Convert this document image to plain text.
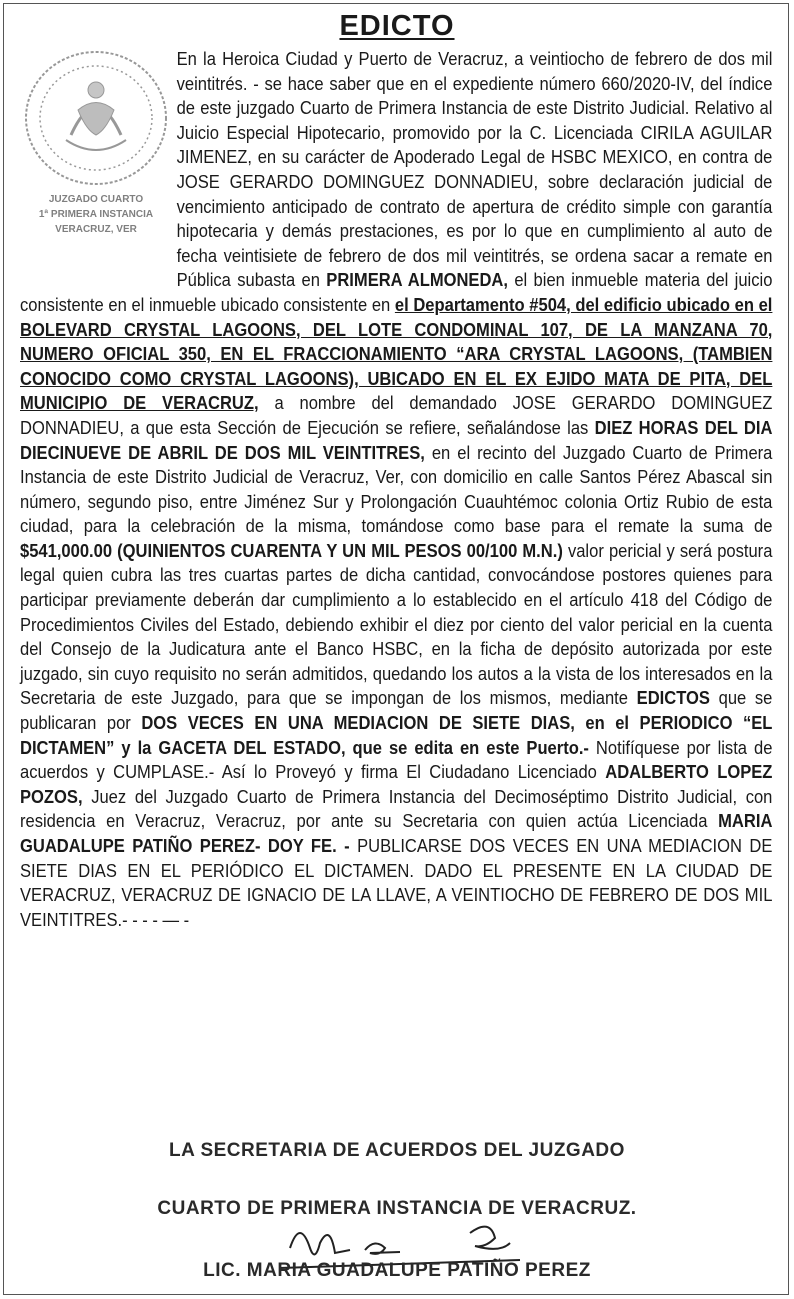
EDICTO
JUZGADO CUARTO
1ª PRIMERA INSTANCIA
VERACRUZ, VER
En la Heroica Ciudad y Puerto de Veracruz, a veintiocho de febrero de dos mil veintitrés. - se hace saber que en el expediente número 660/2020-IV, del índice de este juzgado Cuarto de Primera Instancia de este Distrito Judicial. Relativo al Juicio Especial Hipotecario, promovido por la C. Licenciada CIRILA AGUILAR JIMENEZ, en su carácter de Apoderado Legal de HSBC MEXICO, en contra de JOSE GERARDO DOMINGUEZ DONNADIEU, sobre declaración judicial de vencimiento anticipado de contrato de apertura de crédito simple con garantía hipotecaria y demás prestaciones, es por lo que en cumplimiento al auto de fecha veintisiete de febrero de dos mil veintitrés, se ordena sacar a remate en Pública subasta en PRIMERA ALMONEDA, el bien inmueble materia del juicio consistente en el inmueble ubicado consistente en el Departamento #504, del edificio ubicado en el BOLEVARD CRYSTAL LAGOONS, DEL LOTE CONDOMINAL 107, DE LA MANZANA 70, NUMERO OFICIAL 350, EN EL FRACCIONAMIENTO “ARA CRYSTAL LAGOONS, (TAMBIEN CONOCIDO COMO CRYSTAL LAGOONS), UBICADO EN EL EX EJIDO MATA DE PITA, DEL MUNICIPIO DE VERACRUZ, a nombre del demandado JOSE GERARDO DOMINGUEZ DONNADIEU, a que esta Sección de Ejecución se refiere, señalándose las DIEZ HORAS DEL DIA DIECINUEVE DE ABRIL DE DOS MIL VEINTITRES, en el recinto del Juzgado Cuarto de Primera Instancia de este Distrito Judicial de Veracruz, Ver, con domicilio en calle Santos Pérez Abascal sin número, segundo piso, entre Jiménez Sur y Prolongación Cuauhtémoc colonia Ortiz Rubio de esta ciudad, para la celebración de la misma, tomándose como base para el remate la suma de $541,000.00 (QUINIENTOS CUARENTA Y UN MIL PESOS 00/100 M.N.) valor pericial y será postura legal quien cubra las tres cuartas partes de dicha cantidad, convocándose postores quienes para participar previamente deberán dar cumplimiento a lo establecido en el artículo 418 del Código de Procedimientos Civiles del Estado, debiendo exhibir el diez por ciento del valor pericial en la cuenta del Consejo de la Judicatura ante el Banco HSBC, en la ficha de depósito autorizada por este juzgado, sin cuyo requisito no serán admitidos, quedando los autos a la vista de los interesados en la Secretaria de este Juzgado, para que se impongan de los mismos, mediante EDICTOS que se publicaran por DOS VECES EN UNA MEDIACION DE SIETE DIAS, en el PERIODICO “EL DICTAMEN” y la GACETA DEL ESTADO, que se edita en este Puerto.- Notifíquese por lista de acuerdos y CUMPLASE.- Así lo Proveyó y firma El Ciudadano Licenciado ADALBERTO LOPEZ POZOS, Juez del Juzgado Cuarto de Primera Instancia del Decimoséptimo Distrito Judicial, con residencia en Veracruz, Veracruz, por ante su Secretaria con quien actúa Licenciada MARIA GUADALUPE PATIÑO PEREZ- DOY FE. - PUBLICARSE DOS VECES EN UNA MEDIACION DE SIETE DIAS EN EL PERIÓDICO EL DICTAMEN. DADO EL PRESENTE EN LA CIUDAD DE VERACRUZ, VERACRUZ DE IGNACIO DE LA LLAVE, A VEINTIOCHO DE FEBRERO DE DOS MIL VEINTITRES.- - - - — -
LA SECRETARIA DE ACUERDOS DEL JUZGADO
CUARTO DE PRIMERA INSTANCIA DE VERACRUZ.
LIC. MARIA GUADALUPE PATIÑO PEREZ
